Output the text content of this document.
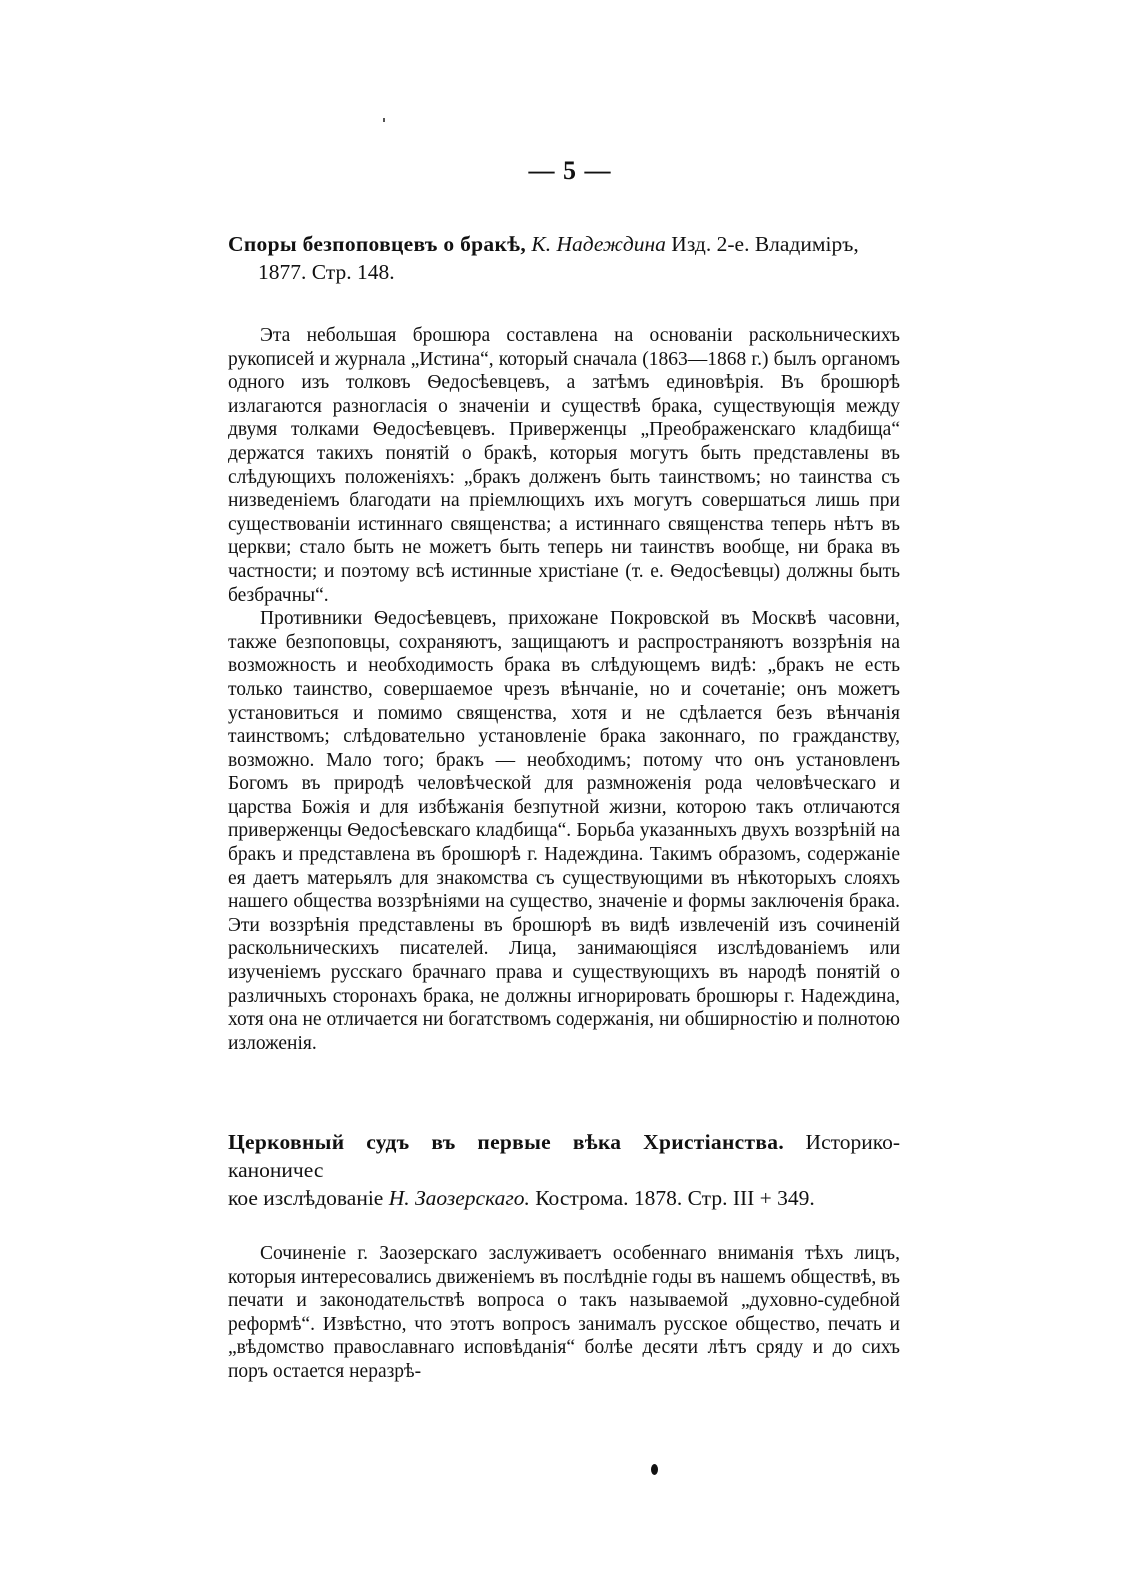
— 5 —
Споры безпоповцевъ о бракѣ, К. Надеждина Изд. 2-е. Владиміръ,
1877. Стр. 148.

Эта небольшая брошюра составлена на основаніи раскольническихъ рукописей и журнала „Истина“, который сначала (1863—1868 г.) былъ органомъ одного изъ толковъ Ѳедосѣевцевъ, а затѣмъ единовѣрія. Въ брошюрѣ излагаются разногласія о значеніи и существѣ брака, существующія между двумя толками Ѳедосѣевцевъ. Приверженцы „Преображенскаго кладбища“ держатся такихъ понятій о бракѣ, которыя могутъ быть представлены въ слѣдующихъ положеніяхъ: „бракъ долженъ быть таинствомъ; но таинства съ низведеніемъ благодати на пріемлющихъ ихъ могутъ совершаться лишь при существованіи истиннаго священства; а истиннаго священства теперь нѣтъ въ церкви; стало быть не можетъ быть теперь ни таинствъ вообще, ни брака въ частности; и поэтому всѣ истинные христіане (т. е. Ѳедосѣевцы) должны быть безбрачны“.

Противники Ѳедосѣевцевъ, прихожане Покровской въ Москвѣ часовни, также безпоповцы, сохраняютъ, защищаютъ и распространяютъ воззрѣнія на возможность и необходимость брака въ слѣдующемъ видѣ: „бракъ не есть только таинство, совершаемое чрезъ вѣнчаніе, но и сочетаніе; онъ можетъ установиться и помимо священства, хотя и не сдѣлается безъ вѣнчанія таинствомъ; слѣдовательно установленіе брака законнаго, по гражданству, возможно. Мало того; бракъ — необходимъ; потому что онъ установленъ Богомъ въ природѣ человѣческой для размноженія рода человѣческаго и царства Божія и для избѣжанія безпутной жизни, которою такъ отличаются приверженцы Ѳедосѣевскаго кладбища“. Борьба указанныхъ двухъ воззрѣній на бракъ и представлена въ брошюрѣ г. Надеждина. Такимъ образомъ, содержаніе ея даетъ матерьялъ для знакомства съ существующими въ нѣкоторыхъ слояхъ нашего общества воззрѣніями на существо, значеніе и формы заключенія брака. Эти воззрѣнія представлены въ брошюрѣ въ видѣ извлеченій изъ сочиненій раскольническихъ писателей. Лица, занимающіяся изслѣдованіемъ или изученіемъ русскаго брачнаго права и существующихъ въ народѣ понятій о различныхъ сторонахъ брака, не должны игнорировать брошюры г. Надеждина, хотя она не отличается ни богатствомъ содержанія, ни обширностію и полнотою изложенія.

Церковный судъ въ первые вѣка Христіанства. Историко-каноничес
кое изслѣдованіе Н. Заозерскаго. Кострома. 1878. Стр. III + 349.

Сочиненіе г. Заозерскаго заслуживаетъ особеннаго вниманія тѣхъ лицъ, которыя интересовались движеніемъ въ послѣдніе годы въ нашемъ обществѣ, въ печати и законодательствѣ вопроса о такъ называемой „духовно-судебной реформѣ“. Извѣстно, что этотъ вопросъ занималъ русское общество, печать и „вѣдомство православнаго исповѣданія“ болѣе десяти лѣтъ сряду и до сихъ поръ остается неразрѣ-
